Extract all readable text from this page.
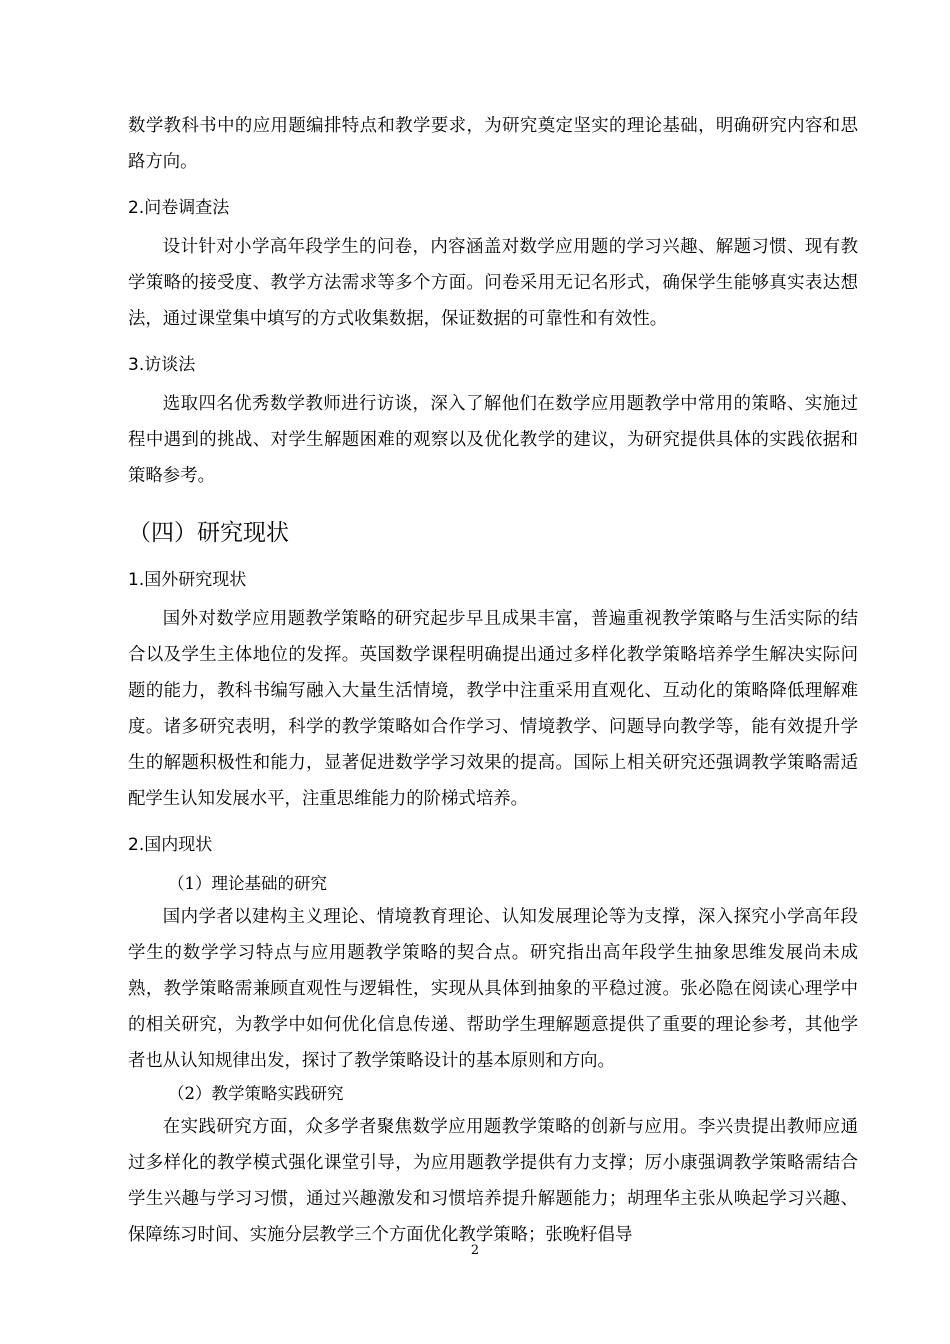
数学教科书中的应用题编排特点和教学要求，为研究奠定坚实的理论基础，明确研究内容和思路方向。

2.问卷调查法

设计针对小学高年段学生的问卷，内容涵盖对数学应用题的学习兴趣、解题习惯、现有教学策略的接受度、教学方法需求等多个方面。问卷采用无记名形式，确保学生能够真实表达想法，通过课堂集中填写的方式收集数据，保证数据的可靠性和有效性。

3.访谈法

选取四名优秀数学教师进行访谈，深入了解他们在数学应用题教学中常用的策略、实施过程中遇到的挑战、对学生解题困难的观察以及优化教学的建议，为研究提供具体的实践依据和策略参考。

（四）研究现状

1.国外研究现状

国外对数学应用题教学策略的研究起步早且成果丰富，普遍重视教学策略与生活实际的结合以及学生主体地位的发挥。英国数学课程明确提出通过多样化教学策略培养学生解决实际问题的能力，教科书编写融入大量生活情境，教学中注重采用直观化、互动化的策略降低理解难度。诸多研究表明，科学的教学策略如合作学习、情境教学、问题导向教学等，能有效提升学生的解题积极性和能力，显著促进数学学习效果的提高。国际上相关研究还强调教学策略需适配学生认知发展水平，注重思维能力的阶梯式培养。

2.国内现状

（1）理论基础的研究

国内学者以建构主义理论、情境教育理论、认知发展理论等为支撑，深入探究小学高年段学生的数学学习特点与应用题教学策略的契合点。研究指出高年段学生抽象思维发展尚未成熟，教学策略需兼顾直观性与逻辑性，实现从具体到抽象的平稳过渡。张必隐在阅读心理学中的相关研究，为教学中如何优化信息传递、帮助学生理解题意提供了重要的理论参考，其他学者也从认知规律出发，探讨了教学策略设计的基本原则和方向。

（2）教学策略实践研究

在实践研究方面，众多学者聚焦数学应用题教学策略的创新与应用。李兴贵提出教师应通过多样化的教学模式强化课堂引导，为应用题教学提供有力支撑；厉小康强调教学策略需结合学生兴趣与学习习惯，通过兴趣激发和习惯培养提升解题能力；胡理华主张从唤起学习兴趣、保障练习时间、实施分层教学三个方面优化教学策略；张晚籽倡导

2
